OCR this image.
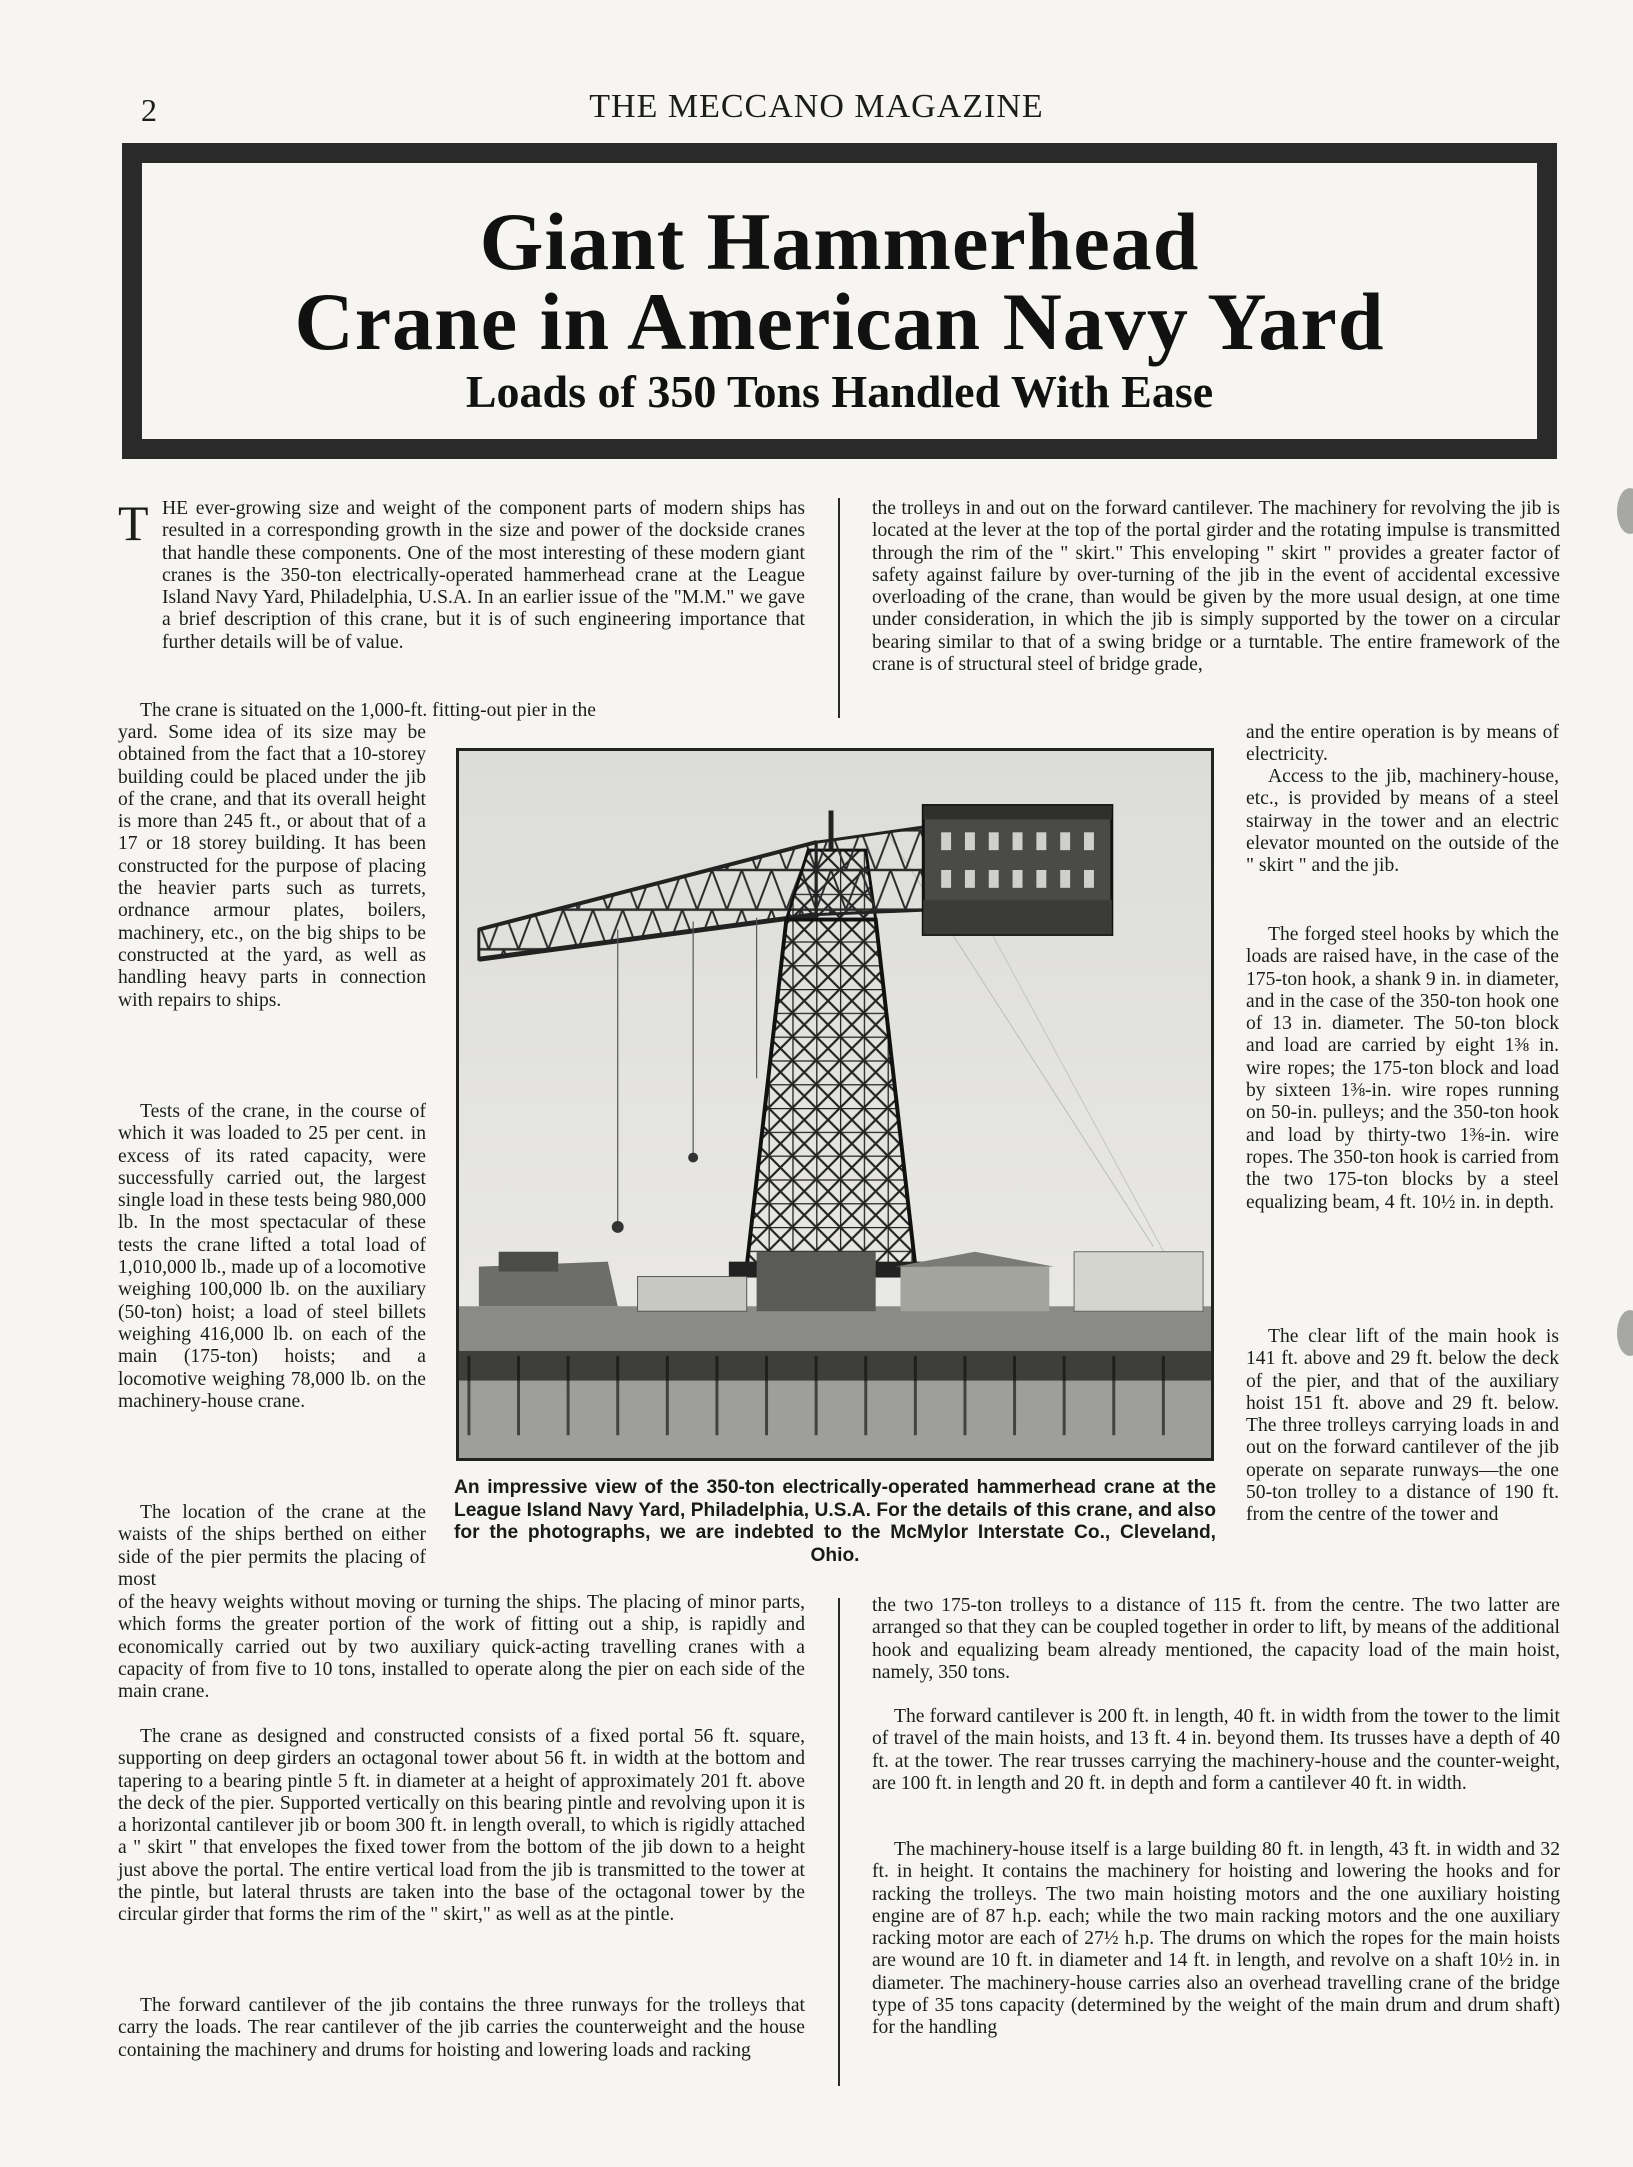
2	THE MECCANO MAGAZINE
Giant Hammerhead
Crane in American Navy Yard
Loads of 350 Tons Handled With Ease
T HE ever-growing size and weight of the component parts of modern ships has resulted in a corresponding growth in the size and power of the dockside cranes that handle these components. One of the most interesting of these modern giant cranes is the 350-ton electrically-operated hammerhead crane at the League Island Navy Yard, Philadelphia, U.S.A. In an earlier issue of the "M.M." we gave a brief description of this crane, but it is of such engineering importance that further details will be of value.
The crane is situated on the 1,000-ft. fitting-out pier in the
yard. Some idea of its size may be obtained from the fact that a 10-storey building could be placed under the jib of the crane, and that its overall height is more than 245 ft., or about that of a 17 or 18 storey building. It has been constructed for the purpose of placing the heavier parts such as turrets, ordnance armour plates, boilers, machinery, etc., on the big ships to be constructed at the yard, as well as handling heavy parts in connection with repairs to ships.
Tests of the crane, in the course of which it was loaded to 25 per cent. in excess of its rated capacity, were successfully carried out, the largest single load in these tests being 980,000 lb. In the most spectacular of these tests the crane lifted a total load of 1,010,000 lb., made up of a locomotive weighing 100,000 lb. on the auxiliary (50-ton) hoist; a load of steel billets weighing 416,000 lb. on each of the main (175-ton) hoists; and a locomotive weighing 78,000 lb. on the machinery-house crane.
The location of the crane at the waists of the ships berthed on either side of the pier permits the placing of most
of the heavy weights without moving or turning the ships. The placing of minor parts, which forms the greater portion of the work of fitting out a ship, is rapidly and economically carried out by two auxiliary quick-acting travelling cranes with a capacity of from five to 10 tons, installed to operate along the pier on each side of the main crane.
The crane as designed and constructed consists of a fixed portal 56 ft. square, supporting on deep girders an octagonal tower about 56 ft. in width at the bottom and tapering to a bearing pintle 5 ft. in diameter at a height of approximately 201 ft. above the deck of the pier. Supported vertically on this bearing pintle and revolving upon it is a horizontal cantilever jib or boom 300 ft. in length overall, to which is rigidly attached a " skirt " that envelopes the fixed tower from the bottom of the jib down to a height just above the portal. The entire vertical load from the jib is transmitted to the tower at the pintle, but lateral thrusts are taken into the base of the octagonal tower by the circular girder that forms the rim of the " skirt," as well as at the pintle.
The forward cantilever of the jib contains the three runways for the trolleys that carry the loads. The rear cantilever of the jib carries the counterweight and the house containing the machinery and drums for hoisting and lowering loads and racking
the trolleys in and out on the forward cantilever. The machinery for revolving the jib is located at the lever at the top of the portal girder and the rotating impulse is transmitted through the rim of the " skirt." This enveloping " skirt " provides a greater factor of safety against failure by over-turning of the jib in the event of accidental excessive overloading of the crane, than would be given by the more usual design, at one time under consideration, in which the jib is simply supported by the tower on a circular bearing similar to that of a swing bridge or a turntable. The entire framework of the crane is of structural steel of bridge grade,
and the entire operation is by means of electricity.
Access to the jib, machinery-house, etc., is provided by means of a steel stairway in the tower and an electric elevator mounted on the outside of the " skirt " and the jib.
The forged steel hooks by which the loads are raised have, in the case of the 175-ton hook, a shank 9 in. in diameter, and in the case of the 350-ton hook one of 13 in. diameter. The 50-ton block and load are carried by eight 1⅜ in. wire ropes; the 175-ton block and load by sixteen 1⅜-in. wire ropes running on 50-in. pulleys; and the 350-ton hook and load by thirty-two 1⅜-in. wire ropes. The 350-ton hook is carried from the two 175-ton blocks by a steel equalizing beam, 4 ft. 10½ in. in depth.
The clear lift of the main hook is 141 ft. above and 29 ft. below the deck of the pier, and that of the auxiliary hoist 151 ft. above and 29 ft. below. The three trolleys carrying loads in and out on the forward cantilever of the jib operate on separate runways—the one 50-ton trolley to a distance of 190 ft. from the centre of the tower and
the two 175-ton trolleys to a distance of 115 ft. from the centre. The two latter are arranged so that they can be coupled together in order to lift, by means of the additional hook and equalizing beam already mentioned, the capacity load of the main hoist, namely, 350 tons.
The forward cantilever is 200 ft. in length, 40 ft. in width from the tower to the limit of travel of the main hoists, and 13 ft. 4 in. beyond them. Its trusses have a depth of 40 ft. at the tower. The rear trusses carrying the machinery-house and the counter-weight, are 100 ft. in length and 20 ft. in depth and form a cantilever 40 ft. in width.
The machinery-house itself is a large building 80 ft. in length, 43 ft. in width and 32 ft. in height. It contains the machinery for hoisting and lowering the hooks and for racking the trolleys. The two main hoisting motors and the one auxiliary hoisting engine are of 87 h.p. each; while the two main racking motors and the one auxiliary racking motor are each of 27½ h.p. The drums on which the ropes for the main hoists are wound are 10 ft. in diameter and 14 ft. in length, and revolve on a shaft 10½ in. in diameter. The machinery-house carries also an overhead travelling crane of the bridge type of 35 tons capacity (determined by the weight of the main drum and drum shaft) for the handling
An impressive view of the 350-ton electrically-operated hammerhead crane at the League Island Navy Yard, Philadelphia, U.S.A. For the details of this crane, and also for the photographs, we are indebted to the McMylor Interstate Co., Cleveland, Ohio.
